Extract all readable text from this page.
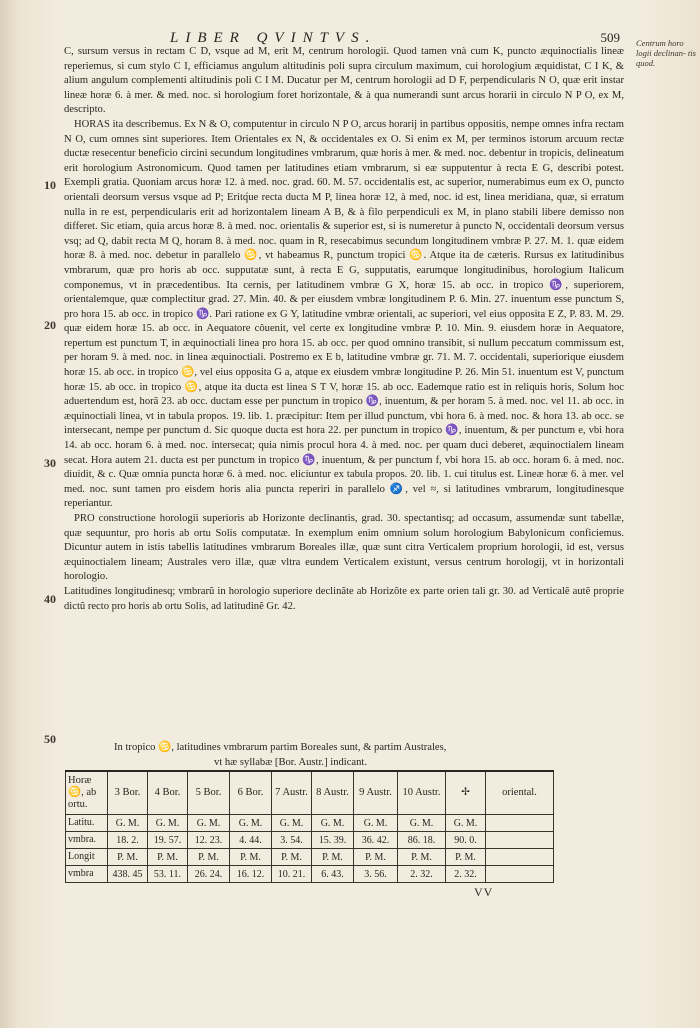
LIBER QVINTVS.	509 Centrum horo logii declinan- tis quod.
10
20
30
40
50

C, sursum versus in rectam C D, vsque ad M, erit M, centrum horologii. Quod tamen vnà cum K, puncto æquinoctialis lineæ reperiemus, si cum stylo C I, efficiamus angulum altitudinis poli supra circulum maximum, cui horologium æquidistat, C I K, & alium angulum complementi altitudinis poli C I M. Ducatur per M, centrum horologii ad D F, perpendicularis N O, quæ erit instar lineæ horæ 6. à mer. & med. noc. si horologium foret horizontale, & à qua numerandi sunt arcus horarii in circulo N P O, ex M, descripto.

HORAS ita describemus. Ex N & O, computentur in circulo N P O, arcus horarij in partibus oppositis, nempe omnes infra rectam N O, cum omnes sint superiores. Item Orientales ex N, & occidentales ex O. Si enim ex M, per terminos istorum arcuum rectæ ductæ resecentur beneficio circini secundum longitudines vmbrarum, quæ horis à mer. & med. noc. debentur in tropicis, delineatum erit horologium Astronomicum. Quod tamen per latitudines etiam vmbrarum, si eæ supputentur à recta E G, describi potest. Exempli gratia. Quoniam arcus horæ 12. à med. noc. grad. 60. M. 57. occidentalis est, ac superior, numerabimus eum ex O, puncto orientali deorsum versus vsque ad P; Eritq́ue recta ducta M P, linea horæ 12, à med, noc. id est, linea meridiana, quæ, si erratum nulla in re est, perpendicularis erit ad horizontalem lineam A B, & à filo perpendiculi ex M, in plano stabili libere demisso non differet. Sic etiam, quia arcus horæ 8. à med. noc. orientalis & superior est, si is numeretur à puncto N, occidentali deorsum versus vsq; ad Q, dabit recta M Q, horam 8. à med. noc. quam in R, resecabimus secundum longitudinem vmbræ P. 27. M. 1. quæ eidem horæ 8. à med. noc. debetur in parallelo ♋, vt habeamus R, punctum tropici ♋. Atque ita de cæteris. Rursus ex latitudinibus vmbrarum, quæ pro horis ab occ. supputatæ sunt, à recta E G, supputatis, earumque longitudinibus, horologium Italicum componemus, vt in præcedentibus. Ita cernis, per latitudinem vmbræ G X, horæ 15. ab occ. in tropico ♑, superiorem, orientalemque, quæ complectitur grad. 27. Min. 40. & per eiusdem vmbræ longitudinem P. 6. Min. 27. inuentum esse punctum S, pro hora 15. ab occ. in tropico ♑. Pari ratione ex G Y, latitudine vmbræ orientali, ac superiori, vel eius opposita E Z, P. 83. M. 29. quæ eidem horæ 15. ab occ. in Aequatore côuenit, vel certe ex longitudine vmbræ P. 10. Min. 9. eiusdem horæ in Aequatore, repertum est punctum T, in æquinoctiali linea pro hora 15. ab occ. per quod omnino transibit, si nullum peccatum commissum est, per horam 9. à med. noc. in linea æquinoctiali. Postremo ex E b, latitudine vmbræ gr. 71. M. 7. occidentali, superiorique eiusdem horæ 15. ab occ. in tropico ♋, vel eius opposita G a, atque ex eiusdem vmbræ longitudine P. 26. Min 51. inuentum est V, punctum horæ 15. ab occ. in tropico ♋, atque ita ducta est linea S T V, horæ 15. ab occ. Eademque ratio est in reliquis horis, Solum hoc aduertendum est, horã 23. ab occ. ductam esse per punctum in tropico ♑, inuentum, & per horam 5. à med. noc. vel 11. ab occ. in æquinoctiali linea, vt in tabula propos. 19. lib. 1. præcipitur: Item per illud punctum, vbi hora 6. à med. noc. & hora 13. ab occ. se intersecant, nempe per punctum d. Sic quoque ducta est hora 22. per punctum in tropico ♑, inuentum, & per punctum e, vbi hora 14. ab occ. horam 6. à med. noc. intersecat; quia nimis procul hora 4. à med. noc. per quam duci deberet, æquinoctialem lineam secat. Hora autem 21. ducta est per punctum in tropico ♑, inuentum, & per punctum f, vbi hora 15. ab occ. horam 6. à med. noc. diuidit, & c. Quæ omnia puncta horæ 6. à med. noc. eliciuntur ex tabula propos. 20. lib. 1. cui titulus est. Lineæ horæ 6. à mer. vel med. noc. sunt tamen pro eisdem horis alia puncta reperiri in parallelo ♐, vel ≈, si latitudines vmbrarum, longitudinesque reperiantur.

PRO constructione horologii superioris ab Horizonte declinantis, grad. 30. spectantisq; ad occasum, assumendæ sunt tabellæ, quæ sequuntur, pro horis ab ortu Solis computatæ. In exemplum enim omnium solum horologium Babylonicum conficiemus. Dicuntur autem in istis tabellis latitudines vmbrarum Boreales illæ, quæ sunt citra Verticalem proprium horologii, id est, versus æquinoctialem lineam; Australes vero illæ, quæ vltra eundem Verticalem existunt, versus centrum horologij, vt in horizontali horologio.

Latitudines longitudinesq; vmbrarũ in horologio superiore declinãte ab Horizõte ex parte orien tali gr. 30. ad Verticalẽ autẽ proprie dictũ recto pro horis ab ortu Solis, ad latitudinẽ Gr. 42.

In tropico ♋, latitudines vmbrarum partim Boreales sunt, & partim Australes,
vt hæ syllabæ [Bor. Austr.] indicant.
Horæ ♋, ab ortu.	3 Bor.	4 Bor.	5 Bor.	6 Bor.	7 Austr.	8 Austr.	9 Austr.	10 Austr.	✢	oriental.
Latitu.	G. M.	G. M.	G. M.	G. M.	G. M.	G. M.	G. M.	G. M.	G. M.	
vmbra.	18. 2.	19. 57.	12. 23.	4. 44.	3. 54.	15. 39.	36. 42.	86. 18.	90. 0.	
Longit	P. M.	P. M.	P. M.	P. M.	P. M.	P. M.	P. M.	P. M.	P. M.	
vmbra	438. 45	53. 11.	26. 24.	16. 12.	10. 21.	6. 43.	3. 56.	2. 32.	2. 32.	
VV
